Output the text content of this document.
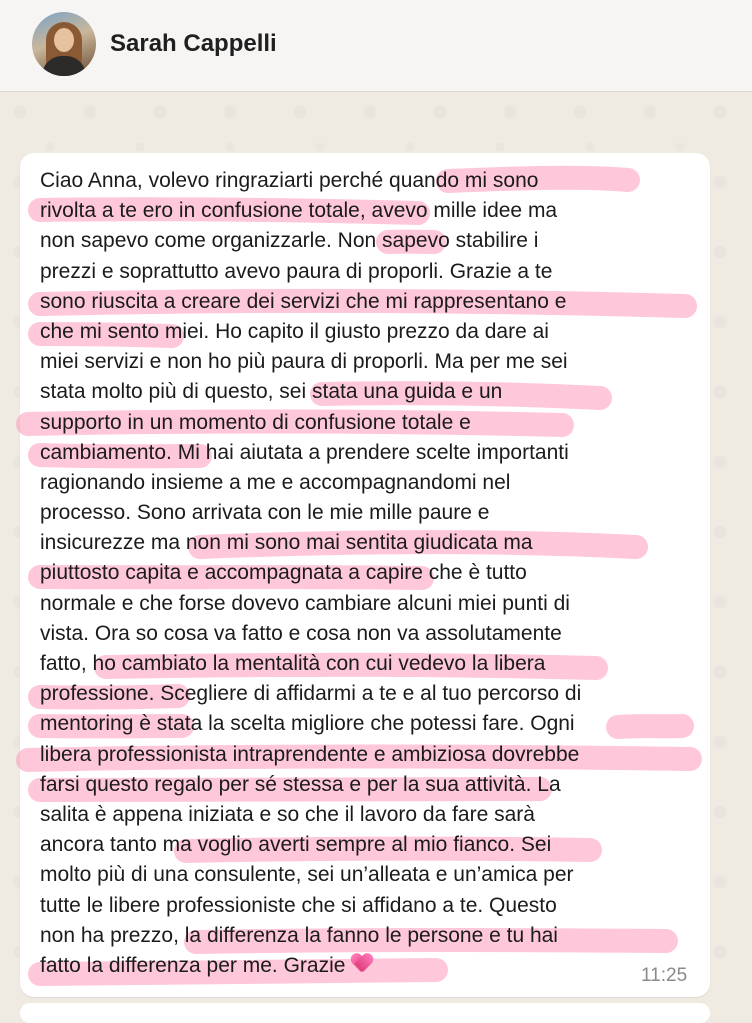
Sarah Cappelli

Ciao Anna, volevo ringraziarti perché quando mi sono
rivolta a te ero in confusione totale, avevo mille idee ma
non sapevo come organizzarle. Non sapevo stabilire i
prezzi e soprattutto avevo paura di proporli. Grazie a te
sono riuscita a creare dei servizi che mi rappresentano e
che mi sento miei. Ho capito il giusto prezzo da dare ai
miei servizi e non ho più paura di proporli. Ma per me sei
stata molto più di questo, sei stata una guida e un
supporto in un momento di confusione totale e
cambiamento. Mi hai aiutata a prendere scelte importanti
ragionando insieme a me e accompagnandomi nel
processo. Sono arrivata con le mie mille paure e
insicurezze ma non mi sono mai sentita giudicata ma
piuttosto capita e accompagnata a capire che è tutto
normale e che forse dovevo cambiare alcuni miei punti di
vista. Ora so cosa va fatto e cosa non va assolutamente
fatto, ho cambiato la mentalità con cui vedevo la libera
professione. Scegliere di affidarmi a te e al tuo percorso di
mentoring è stata la scelta migliore che potessi fare. Ogni
libera professionista intraprendente e ambiziosa dovrebbe
farsi questo regalo per sé stessa e per la sua attività. La
salita è appena iniziata e so che il lavoro da fare sarà
ancora tanto ma voglio averti sempre al mio fianco. Sei
molto più di una consulente, sei un’alleata e un’amica per
tutte le libere professioniste che si affidano a te. Questo
non ha prezzo, la differenza la fanno le persone e tu hai
fatto la differenza per me. Grazie	11:25
